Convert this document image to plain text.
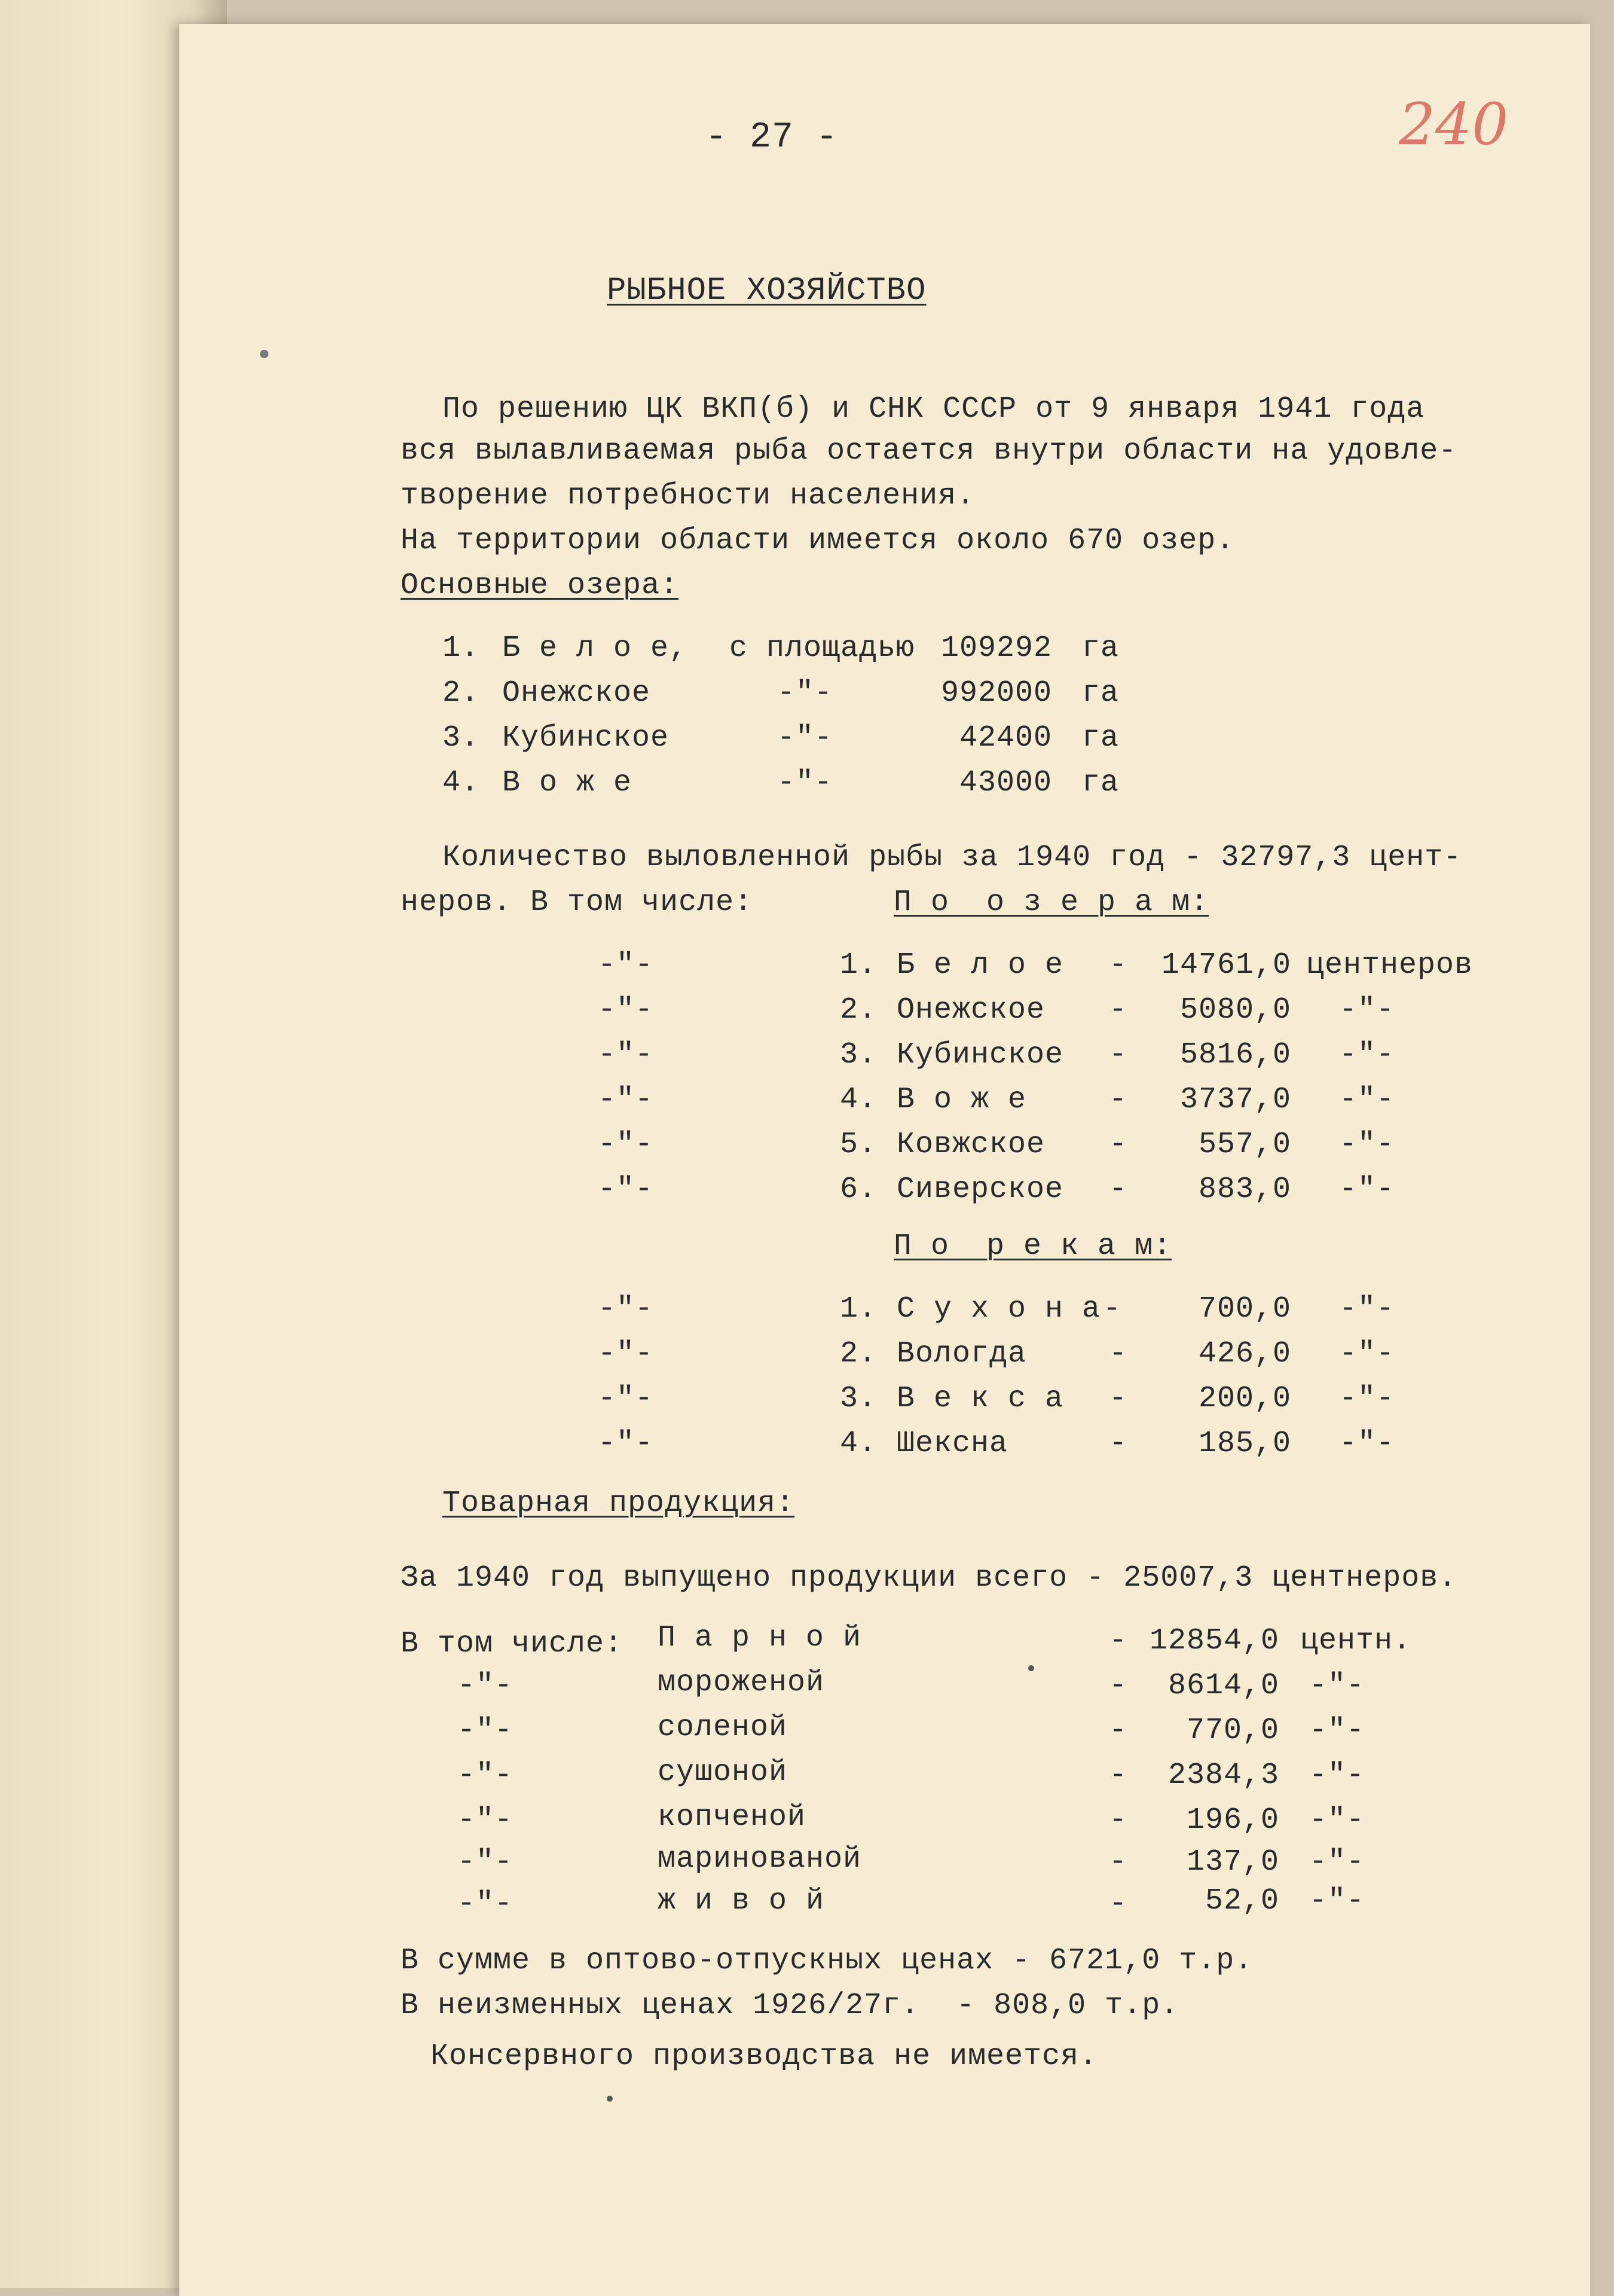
- 27 -	240
РЫБНОЕ ХОЗЯЙСТВО
По решению ЦК ВКП(б) и СНК СССР от 9 января 1941 года
вся вылавливаемая рыба остается внутри области на удовле-
творение потребности населения.
На территории области имеется около 670 озер.
Основные озера:
1. Б е л о е, с площадью 109292 га
2. Онежское	-"-	992000 га
3. Кубинское	-"-	42400 га
4. В о ж е	-"-	43000 га
Количество выловленной рыбы за 1940 год - 32797,3 цент-
неров. В том числе:	П о  о з е р а м:
-"-	1. Б е л о е -	14761,0 центнеров
-"-	2. Онежское -	5080,0 -"-
-"-	3. Кубинское -	5816,0 -"-
-"-	4. В о ж е	-	3737,0 -"-
-"-	5. Ковжское -	557,0 -"-
-"-	6. Сиверское -	883,0 -"-
П о  р е к а м:
-"-	1. С у х о н а -	700,0 -"-
-"-	2. Вологда	-	426,0 -"-
-"-	3. В е к с а -	200,0 -"-
-"-	4. Шексна	-	185,0 -"-
Товарная продукция:
За 1940 год выпущено продукции всего - 25007,3 центнеров.
В том числе: П а р н о й	- 12854,0 центн.
-"-	мороженой	-	8614,0 -"-
-"-	соленой	-	770,0 -"-
-"-	сушоной	-	2384,3 -"-
-"-	копченой	-	196,0 -"-
-"-	маринованой	-	137,0 -"-
-"-	ж и в о й	-	52,0 -"-
В сумме в оптово-отпускных ценах - 6721,0 т.р.
В неизменных ценах 1926/27г.  - 808,0 т.р.
Консервного производства не имеется.
